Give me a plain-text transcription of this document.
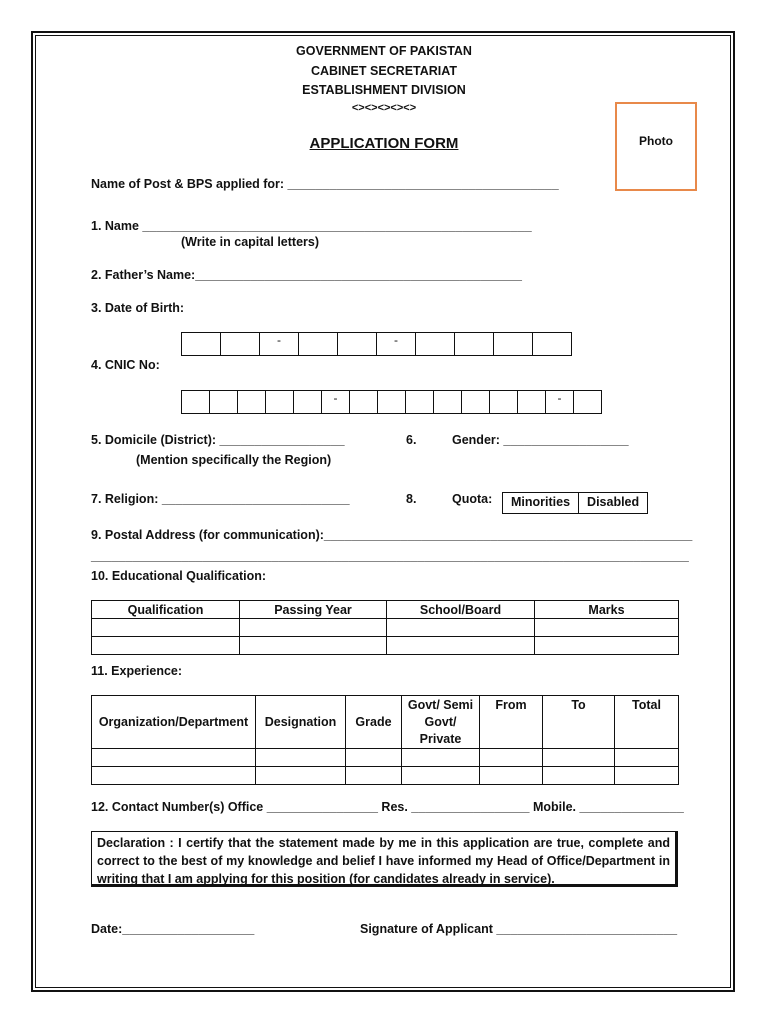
GOVERNMENT OF PAKISTAN
CABINET SECRETARIAT
ESTABLISHMENT DIVISION
<><><><><>
APPLICATION FORM	Photo
Name of Post & BPS applied for: _______________________________________
1. Name ________________________________________________________
(Write in capital letters)
2. Father’s Name:_______________________________________________
3. Date of Birth:
-	-
4. CNIC No:
-	-
5. Domicile (District): __________________
(Mention specifically the Region)
6.	Gender: __________________
7. Religion: ___________________________	8.	Quota:	Minorities	Disabled
9. Postal Address (for communication):_____________________________________________________
______________________________________________________________________________________
10. Educational Qualification:
Qualification	Passing Year	School/Board	Marks

11. Experience:
Organization/Department	Designation	Grade	Govt/ Semi Govt/ Private	From	To	Total

12. Contact Number(s) Office ________________ Res. _________________ Mobile. _______________
Declaration : I certify that the statement made by me in this application are true, complete and correct to the best of my knowledge and belief I have informed my Head of Office/Department in writing that I am applying for this position (for candidates already in service).
Date:___________________	Signature of Applicant __________________________
